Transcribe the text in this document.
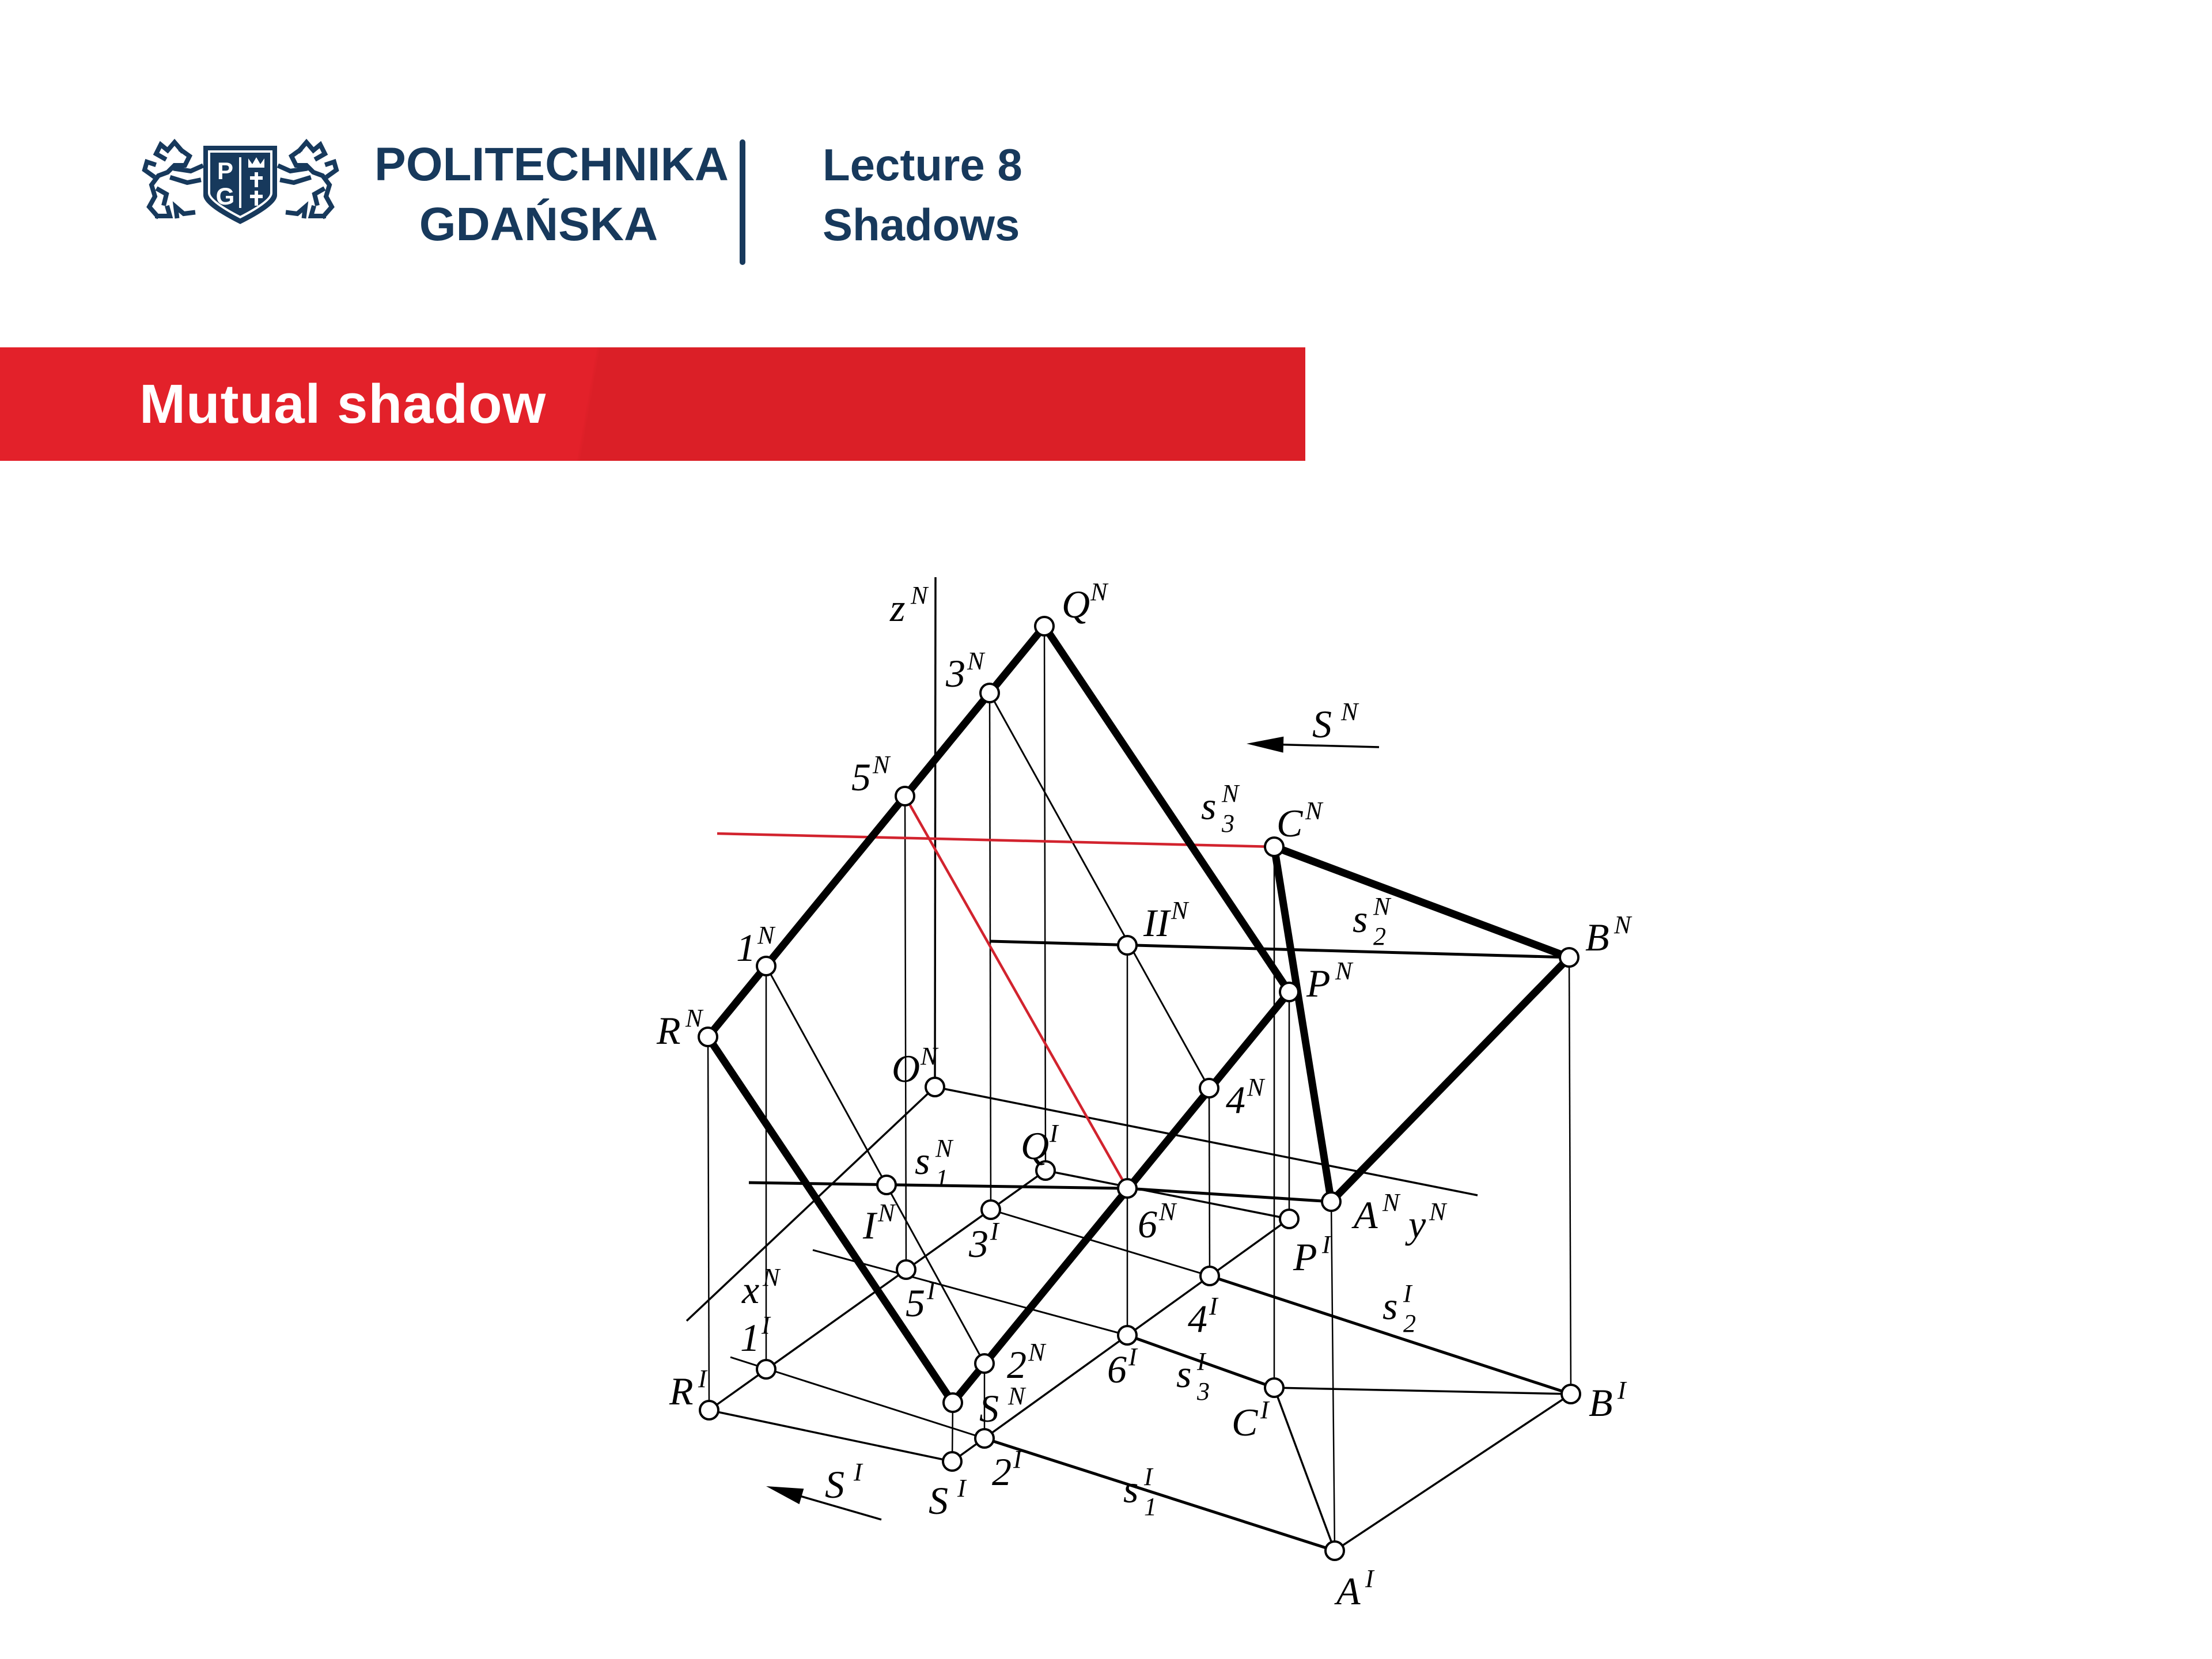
P
G
POLITECHNIKA
GDAŃSKA
Lecture 8
Shadows
Mutual shadow
Q N
R N
S N
P N
1 N
5 N
3 N
2 N
6 N
4 N
C N
B N
A N
O N
I N
II N
Q I
3 I
P I
R I
1 I
5 I
S I 2 I
6 I
4 I
A I
B I
C I
s N
1
s N
2
s N
3
s I
1
s I
2
s I
3
x N
y N
z N
S N
S I
